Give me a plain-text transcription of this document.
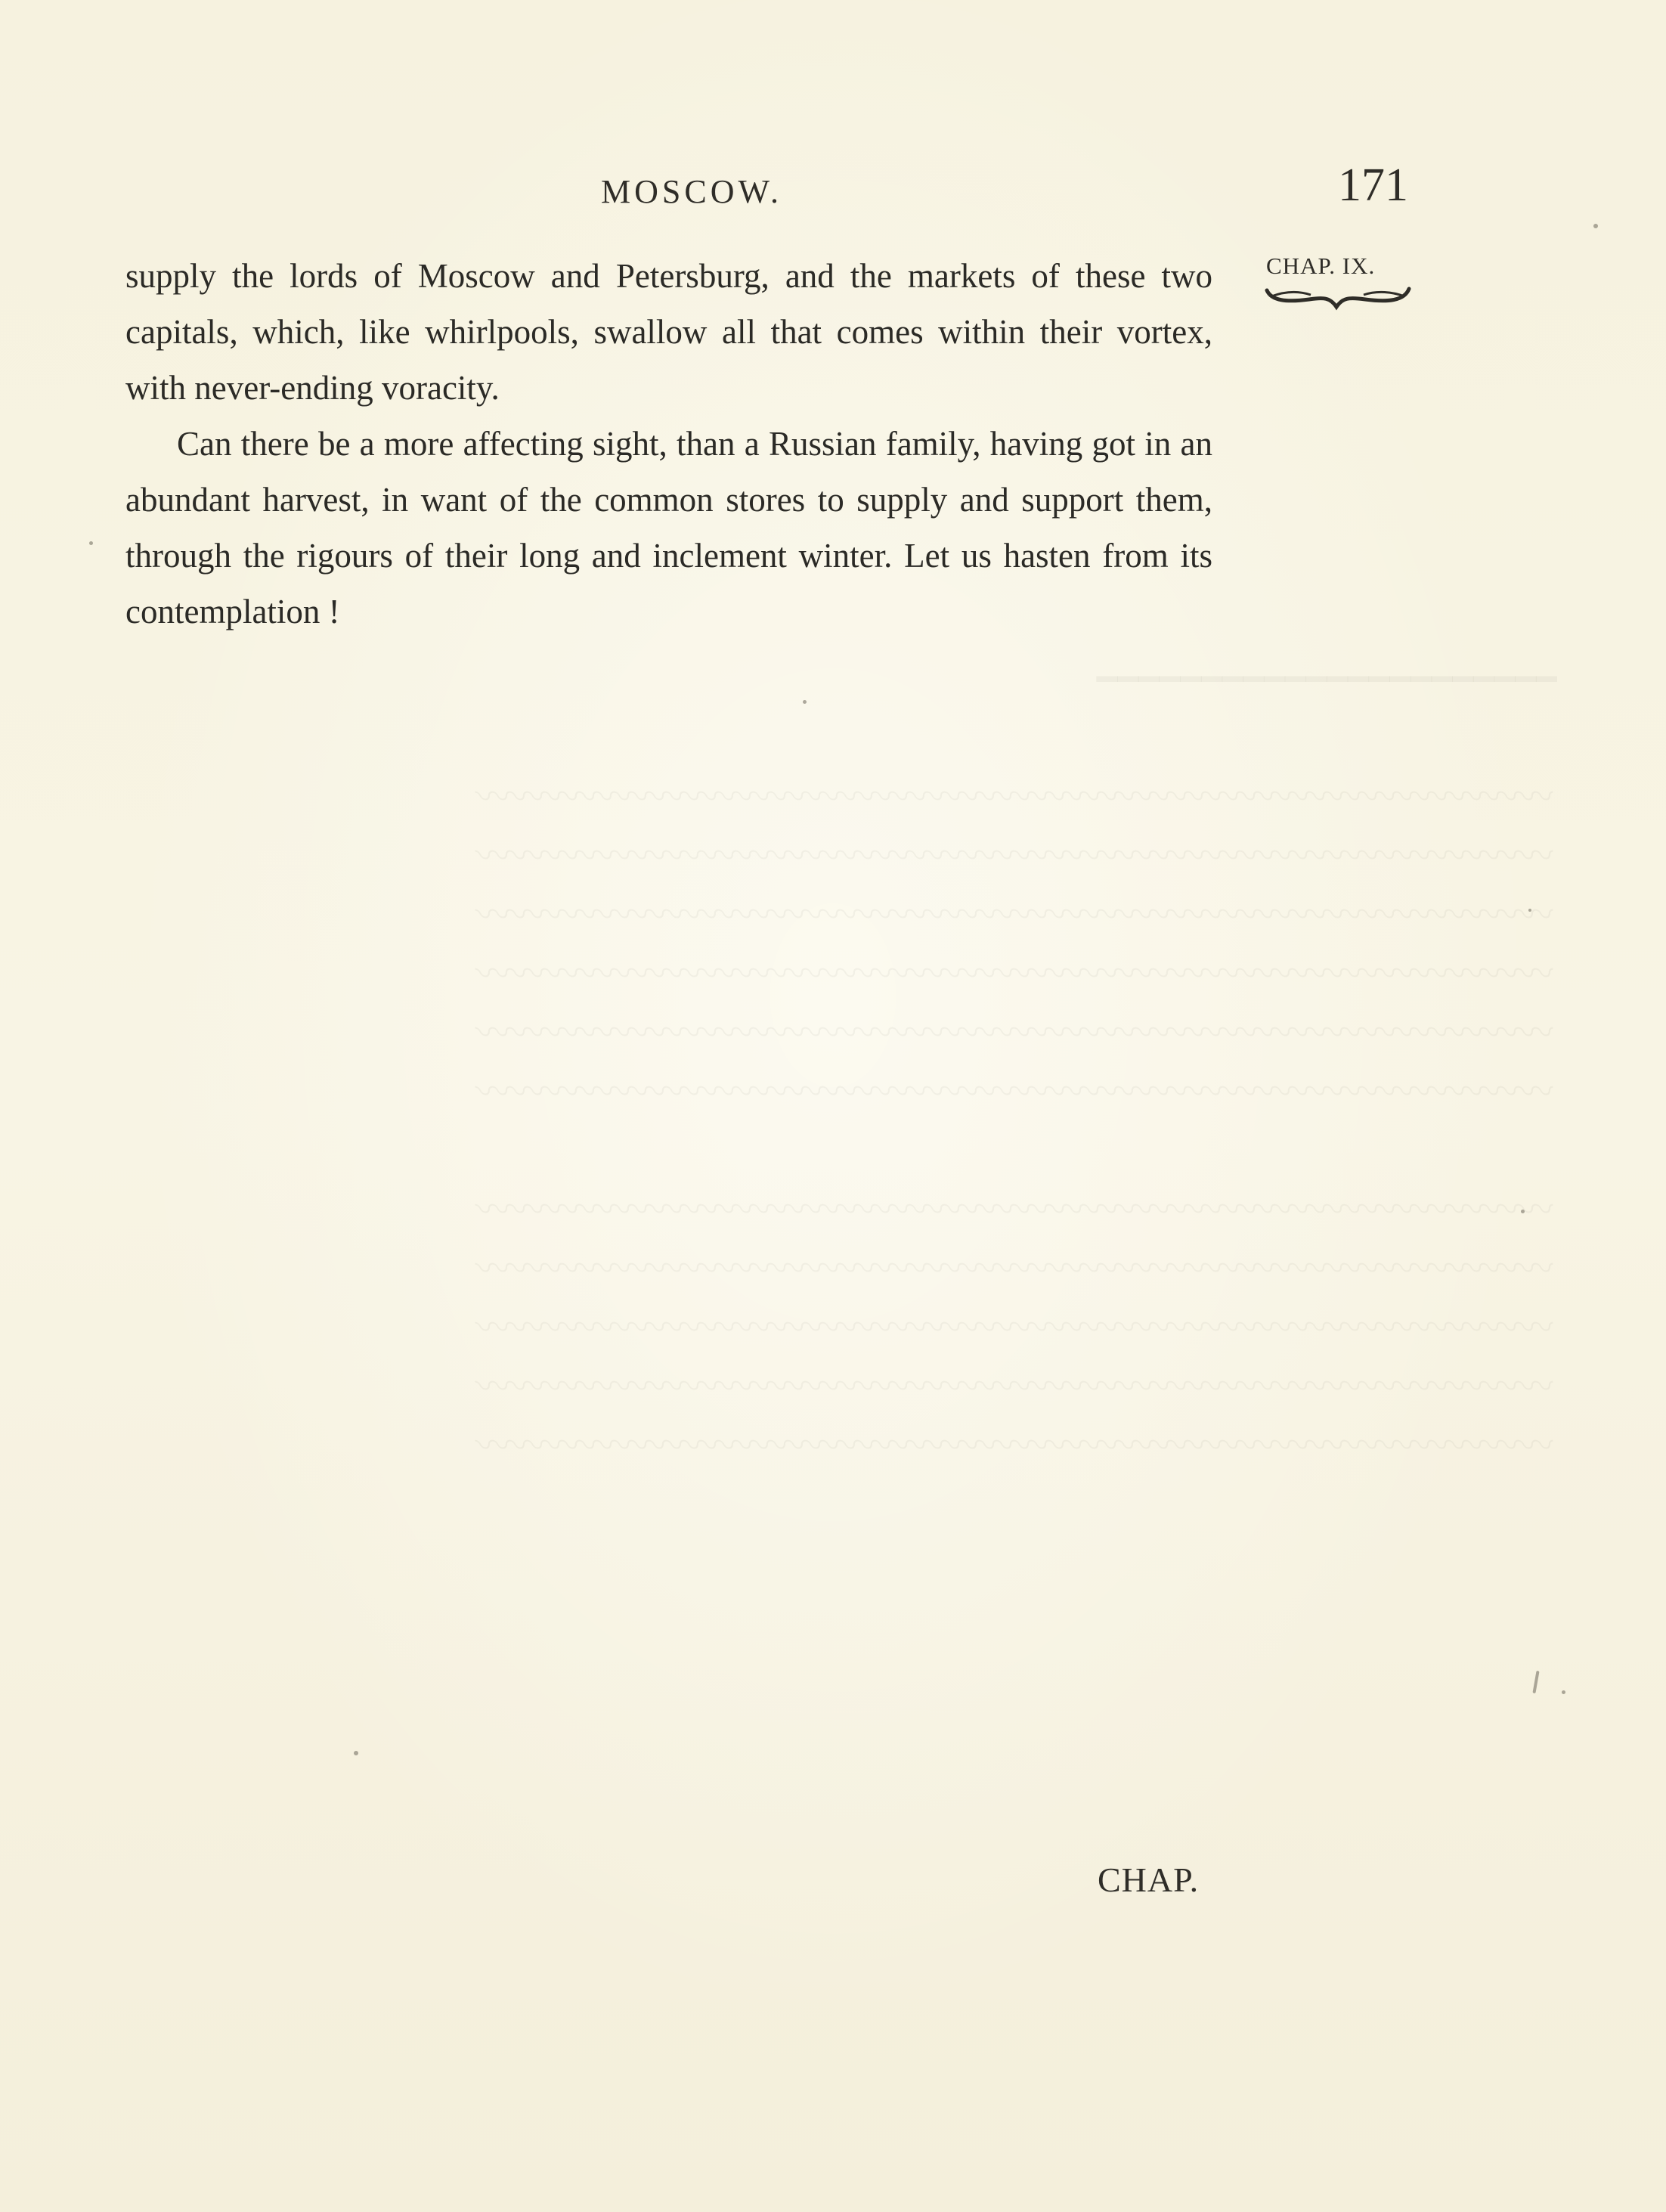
━━━━━━━━━━━━━━━━━━━━━━

〰〰〰〰〰〰〰〰〰〰〰〰〰〰〰〰〰〰〰〰〰〰〰〰〰〰〰〰〰〰〰
〰〰〰〰〰〰〰〰〰〰〰〰〰〰〰〰〰〰〰〰〰〰〰〰〰〰〰〰〰〰〰
〰〰〰〰〰〰〰〰〰〰〰〰〰〰〰〰〰〰〰〰〰〰〰〰〰〰〰〰〰〰〰
〰〰〰〰〰〰〰〰〰〰〰〰〰〰〰〰〰〰〰〰〰〰〰〰〰〰〰〰〰〰〰
〰〰〰〰〰〰〰〰〰〰〰〰〰〰〰〰〰〰〰〰〰〰〰〰〰〰〰〰〰〰〰
〰〰〰〰〰〰〰〰〰〰〰〰〰〰〰〰〰〰〰〰〰〰〰〰〰〰〰〰〰〰〰

〰〰〰〰〰〰〰〰〰〰〰〰〰〰〰〰〰〰〰〰〰〰〰〰〰〰〰〰〰〰〰
〰〰〰〰〰〰〰〰〰〰〰〰〰〰〰〰〰〰〰〰〰〰〰〰〰〰〰〰〰〰〰
〰〰〰〰〰〰〰〰〰〰〰〰〰〰〰〰〰〰〰〰〰〰〰〰〰〰〰〰〰〰〰
〰〰〰〰〰〰〰〰〰〰〰〰〰〰〰〰〰〰〰〰〰〰〰〰〰〰〰〰〰〰〰
〰〰〰〰〰〰〰〰〰〰〰〰〰〰〰〰〰〰〰〰〰〰〰〰〰〰〰〰〰〰〰
MOSCOW.	171
CHAP. IX.

supply the lords of Moscow and Petersburg, and the markets of these two capitals, which, like whirlpools, swallow all that comes within their vortex, with never-ending voracity.

Can there be a more affecting sight, than a Russian family, having got in an abundant harvest, in want of the common stores to supply and support them, through the rigours of their long and inclement winter. Let us hasten from its contemplation !

CHAP.
